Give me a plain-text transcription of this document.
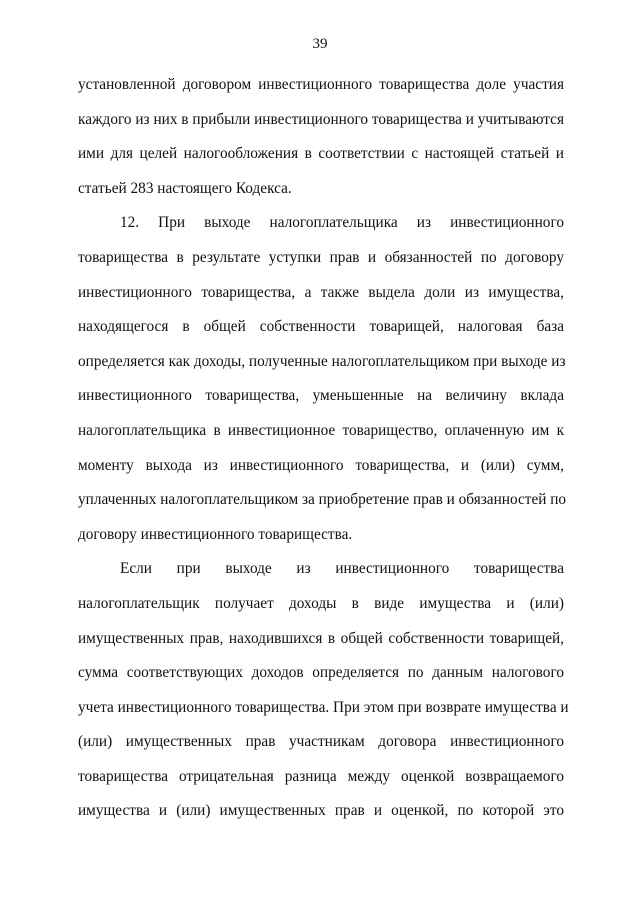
39
установленной договором инвестиционного товарищества доле участия
каждого из них в прибыли инвестиционного товарищества и учитываются
ими для целей налогообложения в соответствии с настоящей статьей и
статьей 283 настоящего Кодекса.
12. При выходе налогоплательщика из инвестиционного
товарищества в результате уступки прав и обязанностей по договору
инвестиционного товарищества, а также выдела доли из имущества,
находящегося в общей собственности товарищей, налоговая база
определяется как доходы, полученные налогоплательщиком при выходе из
инвестиционного товарищества, уменьшенные на величину вклада
налогоплательщика в инвестиционное товарищество, оплаченную им к
моменту выхода из инвестиционного товарищества, и (или) сумм,
уплаченных налогоплательщиком за приобретение прав и обязанностей по
договору инвестиционного товарищества.
Если при выходе из инвестиционного товарищества
налогоплательщик получает доходы в виде имущества и (или)
имущественных прав, находившихся в общей собственности товарищей,
сумма соответствующих доходов определяется по данным налогового
учета инвестиционного товарищества. При этом при возврате имущества и
(или) имущественных прав участникам договора инвестиционного
товарищества отрицательная разница между оценкой возвращаемого
имущества и (или) имущественных прав и оценкой, по которой это
